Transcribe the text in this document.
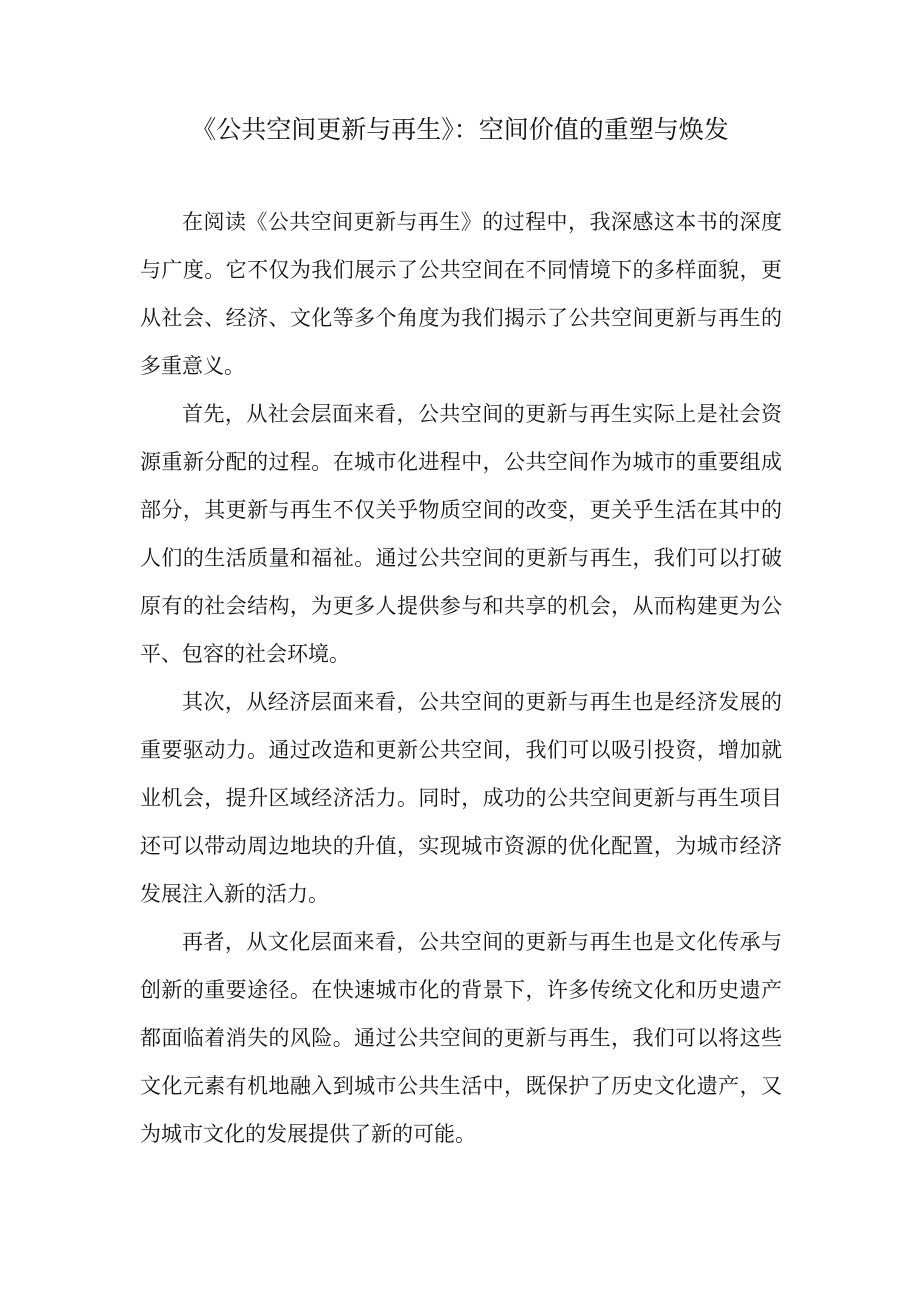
《公共空间更新与再生》：空间价值的重塑与焕发

在阅读《公共空间更新与再生》的过程中，我深感这本书的深度与广度。它不仅为我们展示了公共空间在不同情境下的多样面貌，更从社会、经济、文化等多个角度为我们揭示了公共空间更新与再生的多重意义。

首先，从社会层面来看，公共空间的更新与再生实际上是社会资源重新分配的过程。在城市化进程中，公共空间作为城市的重要组成部分，其更新与再生不仅关乎物质空间的改变，更关乎生活在其中的人们的生活质量和福祉。通过公共空间的更新与再生，我们可以打破原有的社会结构，为更多人提供参与和共享的机会，从而构建更为公平、包容的社会环境。

其次，从经济层面来看，公共空间的更新与再生也是经济发展的重要驱动力。通过改造和更新公共空间，我们可以吸引投资，增加就业机会，提升区域经济活力。同时，成功的公共空间更新与再生项目还可以带动周边地块的升值，实现城市资源的优化配置，为城市经济发展注入新的活力。

再者，从文化层面来看，公共空间的更新与再生也是文化传承与创新的重要途径。在快速城市化的背景下，许多传统文化和历史遗产都面临着消失的风险。通过公共空间的更新与再生，我们可以将这些文化元素有机地融入到城市公共生活中，既保护了历史文化遗产，又为城市文化的发展提供了新的可能。
